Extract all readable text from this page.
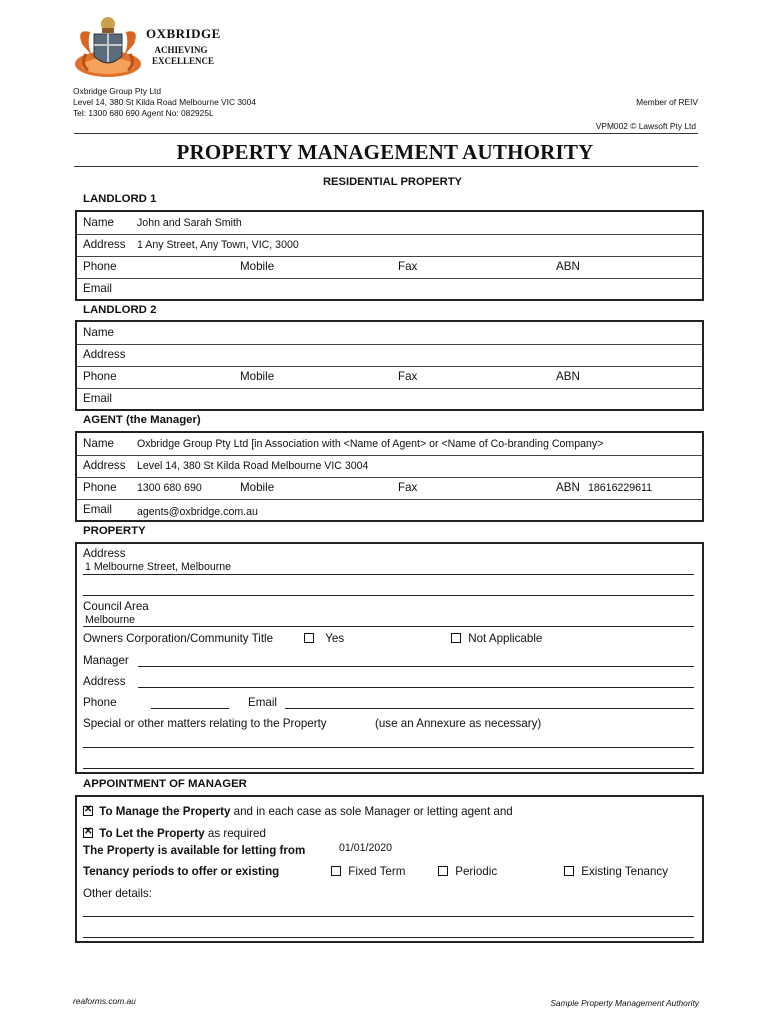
OXBRIDGE
ACHIEVING
EXCELLENCE
Oxbridge Group Pty Ltd
Level 14, 380 St Kilda Road Melbourne VIC 3004
Tel: 1300 680 690 Agent No: 082925L
Member of REIV
VPM002 © Lawsoft Pty Ltd
PROPERTY MANAGEMENT AUTHORITY
RESIDENTIAL PROPERTY
LANDLORD 1
Name John and Sarah Smith
Address 1 Any Street, Any Town, VIC, 3000
Phone	Mobile	Fax	ABN
Email
LANDLORD 2
Name
Address
Phone	Mobile	Fax	ABN
Email
AGENT (the Manager)
Name Oxbridge Group Pty Ltd [in Association with <Name of Agent> or <Name of Co-branding Company>
Address Level 14, 380 St Kilda Road Melbourne VIC 3004
Phone 1300 680 690	Mobile	Fax	ABN 18616229611
Email agents@oxbridge.com.au
PROPERTY
Address
1 Melbourne Street, Melbourne
Council Area
Melbourne
Owners Corporation/Community Title	Yes	Not Applicable
Manager
Address
Phone	Email
Special or other matters relating to the Property	(use an Annexure as necessary)
APPOINTMENT OF MANAGER
✕ To Manage the Property and in each case as sole Manager or letting agent and
✕ To Let the Property as required
The Property is available for letting from	01/01/2020
Tenancy periods to offer or existing	Fixed Term	Periodic	Existing Tenancy
Other details:
reaforms.com.au	Sample Property Management Authority
